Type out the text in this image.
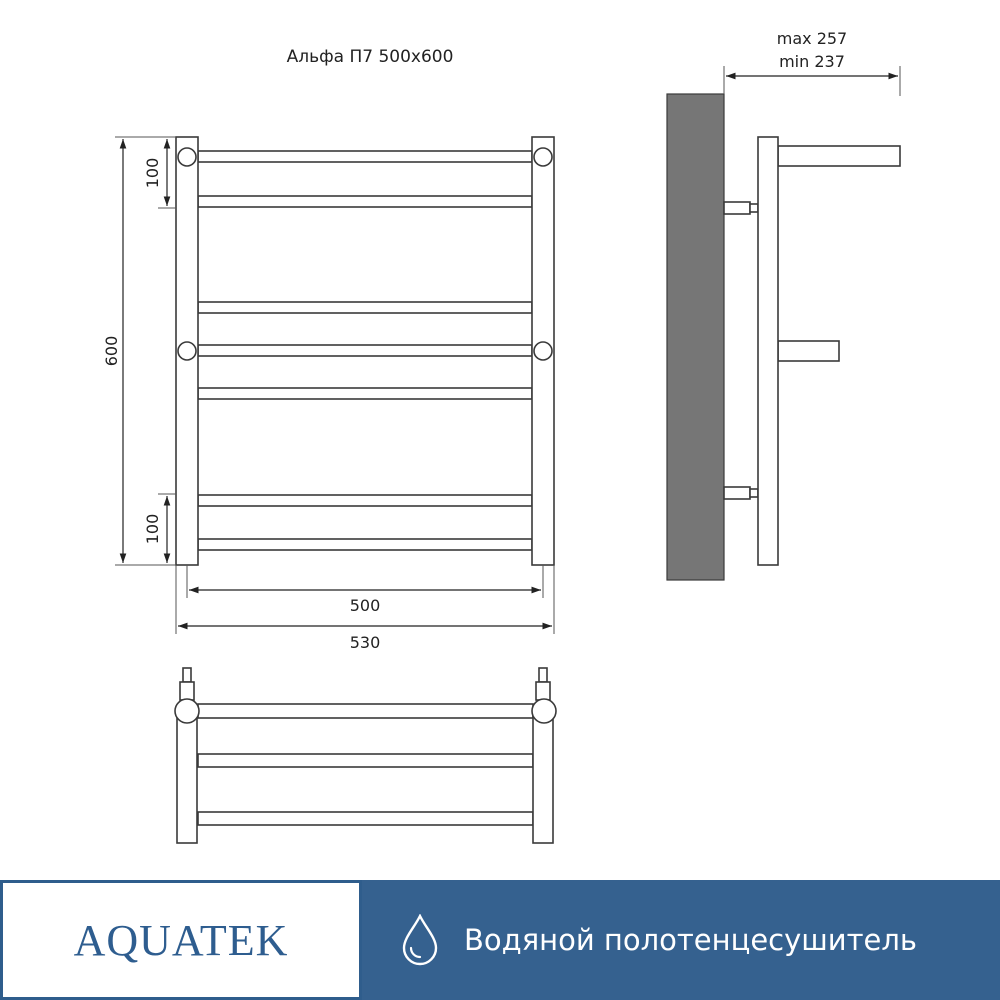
Альфа П7 500x600
600
100
100
500
530
max 257
min 237
AQUATEK	Водяной полотенцесушитель
